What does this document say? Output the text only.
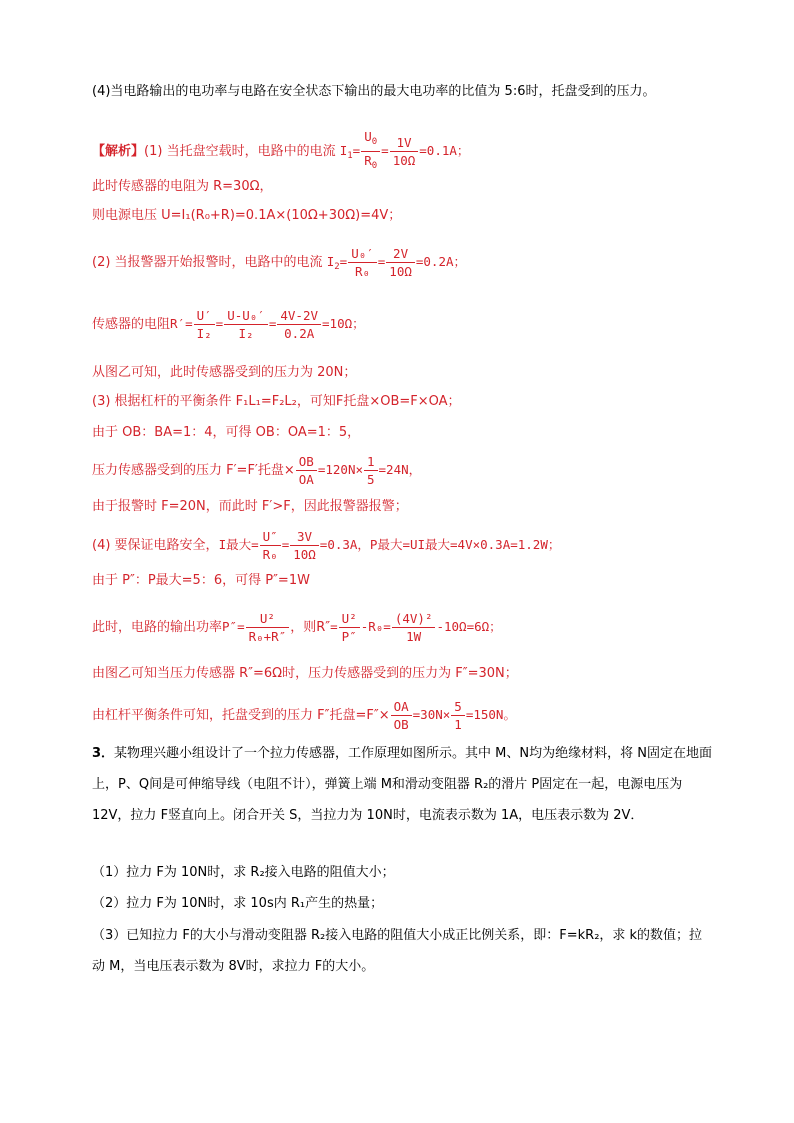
(4)当电路输出的电功率与电路在安全状态下输出的最大电功率的比值为 5:6时，托盘受到的压力。
【解析】(1) 当托盘空载时，电路中的电流 $I_1= \frac{U_0}{R_0} = \frac{1V}{10\Omega} =0.1A$；
此时传感器的电阻为 R=30Ω，
则电源电压 U=I₁(R₀+R)=0.1A×(10Ω+30Ω)=4V；
(2) 当报警器开始报警时，电路中的电流 $I_2= \frac{\text{U₀′}}{\text{R₀}} = \frac{2V}{10\Omega} =0.2A$；
传感器的电阻$R'= \frac{U'}{\text{I₂}} = \frac{\text{U-U₀′}}{\text{I₂}} = \frac{4V-2V}{0.2A} =10\Omega$；
从图乙可知，此时传感器受到的压力为 20N；
(3) 根据杠杆的平衡条件 F₁L₁=F₂L₂，可知F托盘×OB=F×OA；
由于 OB：BA=1：4，可得 OB：OA=1：5，
压力传感器受到的压力 F′=F′托盘× $\frac{OB}{OA} =120N\times \frac{1}{5} =24N$，
由于报警时 F=20N，而此时 F′>F，因此报警器报警；
(4) 要保证电路安全，I最大= $\frac{U''}{\text{R₀}} = \frac{3V}{10\Omega} =0.3A$，P最大=UI最大=4V×0.3A=1.2W；
由于 P″：P最大=5：6，可得 P″=1W
此时，电路的输出功率$P''= \frac{\text{U²}}{\text{R₀+R″}}$ ，则$R''= \frac{\text{U²}}{P''} -R_0= \frac{\text{(4V)²}}{1W} -10\Omega=6\Omega$；
由图乙可知当压力传感器 R″=6Ω时，压力传感器受到的压力为 F″=30N；
由杠杆平衡条件可知，托盘受到的压力 F″托盘$=F''\times \frac{OA}{OB} =30N\times \frac{5}{1} =150N$。
3．某物理兴趣小组设计了一个拉力传感器，工作原理如图所示。其中 M、N均为绝缘材料，将 N固定在地面上，P、Q间是可伸缩导线（电阻不计），弹簧上端 M和滑动变阻器 R₂的滑片 P固定在一起，电源电压为 12V，拉力 F竖直向上。闭合开关 S，当拉力为 10N时，电流表示数为 1A，电压表示数为 2V．
（1）拉力 F为 10N时，求 R₂接入电路的阻值大小；
（2）拉力 F为 10N时，求 10s内 R₁产生的热量；
（3）已知拉力 F的大小与滑动变阻器 R₂接入电路的阻值大小成正比例关系，即：F=kR₂，求 k的数值；拉动 M，当电压表示数为 8V时，求拉力 F的大小。
